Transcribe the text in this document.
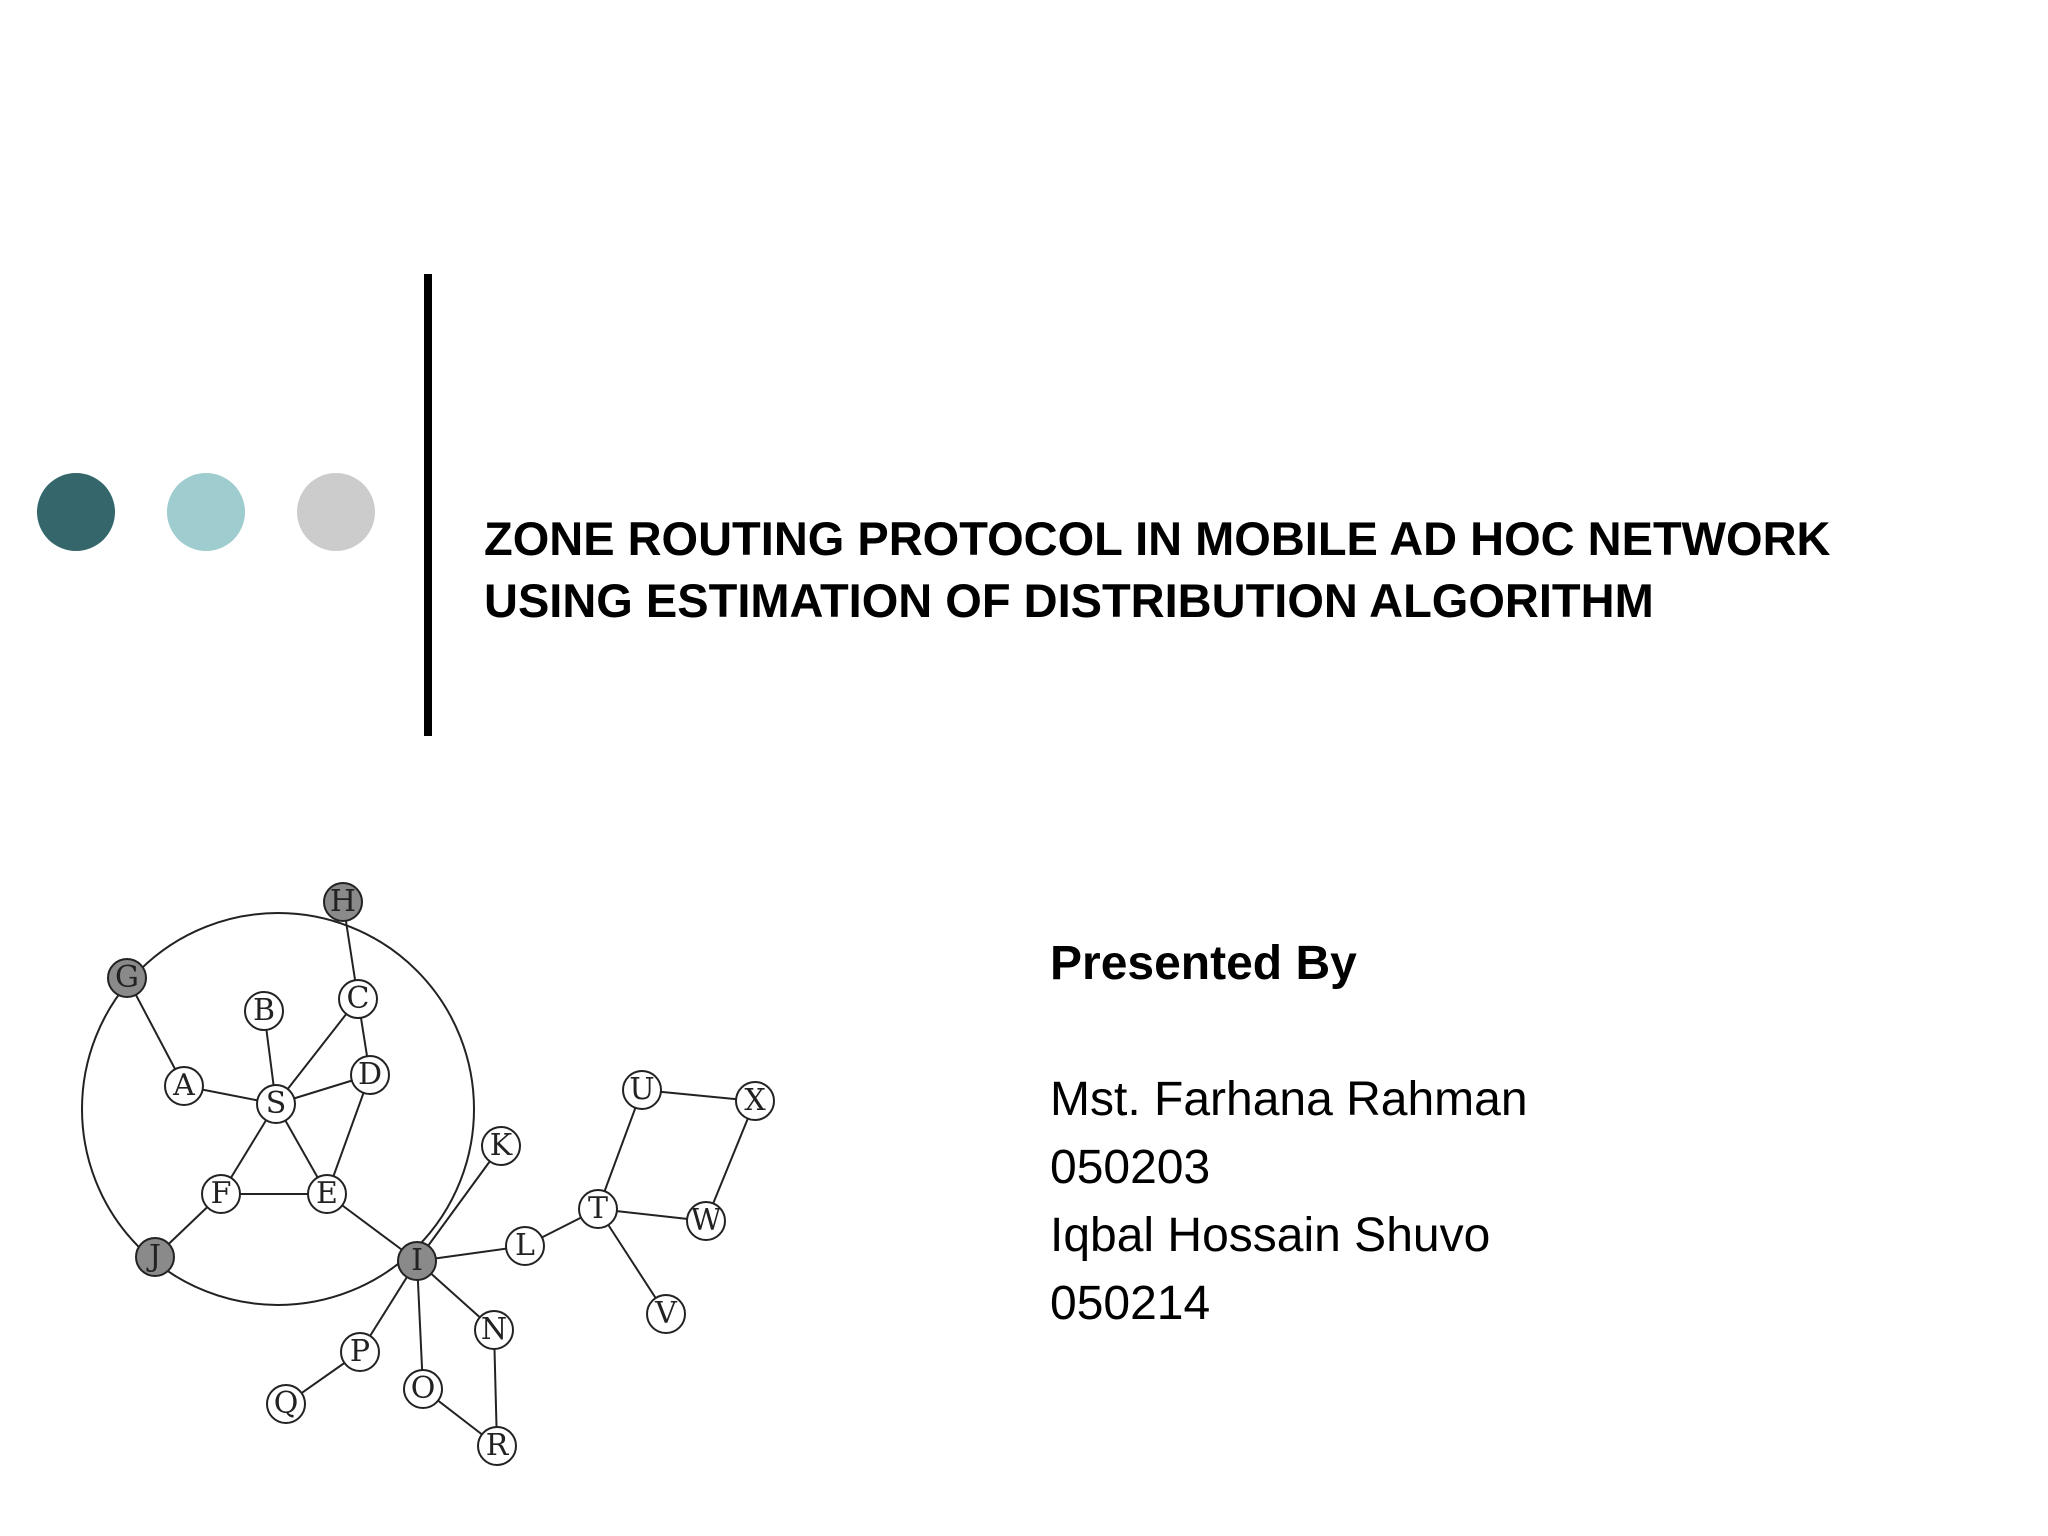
ZONE ROUTING PROTOCOL IN MOBILE AD HOC NETWORK
USING ESTIMATION OF DISTRIBUTION ALGORITHM
H
G
B C
A
S
D
F	E
J	I
K
L
T
U	X
W
V
N
P
O
Q
R
Presented By
Mst. Farhana Rahman
050203
Iqbal Hossain Shuvo
050214
